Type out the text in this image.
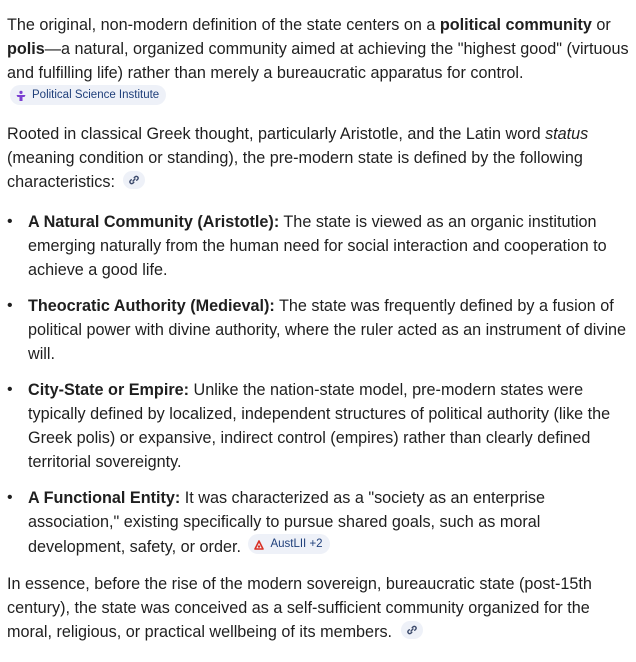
The original, non-modern definition of the state centers on a political community or polis—a natural, organized community aimed at achieving the "highest good" (virtuous and fulfilling life) rather than merely a bureaucratic apparatus for control.
Political Science Institute

Rooted in classical Greek thought, particularly Aristotle, and the Latin word status (meaning condition or standing), the pre-modern state is defined by the following characteristics:

• A Natural Community (Aristotle): The state is viewed as an organic institution emerging naturally from the human need for social interaction and cooperation to achieve a good life.
• Theocratic Authority (Medieval): The state was frequently defined by a fusion of political power with divine authority, where the ruler acted as an instrument of divine will.
• City-State or Empire: Unlike the nation-state model, pre-modern states were typically defined by localized, independent structures of political authority (like the Greek polis) or expansive, indirect control (empires) rather than clearly defined territorial sovereignty.
• A Functional Entity: It was characterized as a "society as an enterprise association," existing specifically to pursue shared goals, such as moral development, safety, or order.	AustLII +2

In essence, before the rise of the modern sovereign, bureaucratic state (post-15th century), the state was conceived as a self-sufficient community organized for the moral, religious, or practical wellbeing of its members.
